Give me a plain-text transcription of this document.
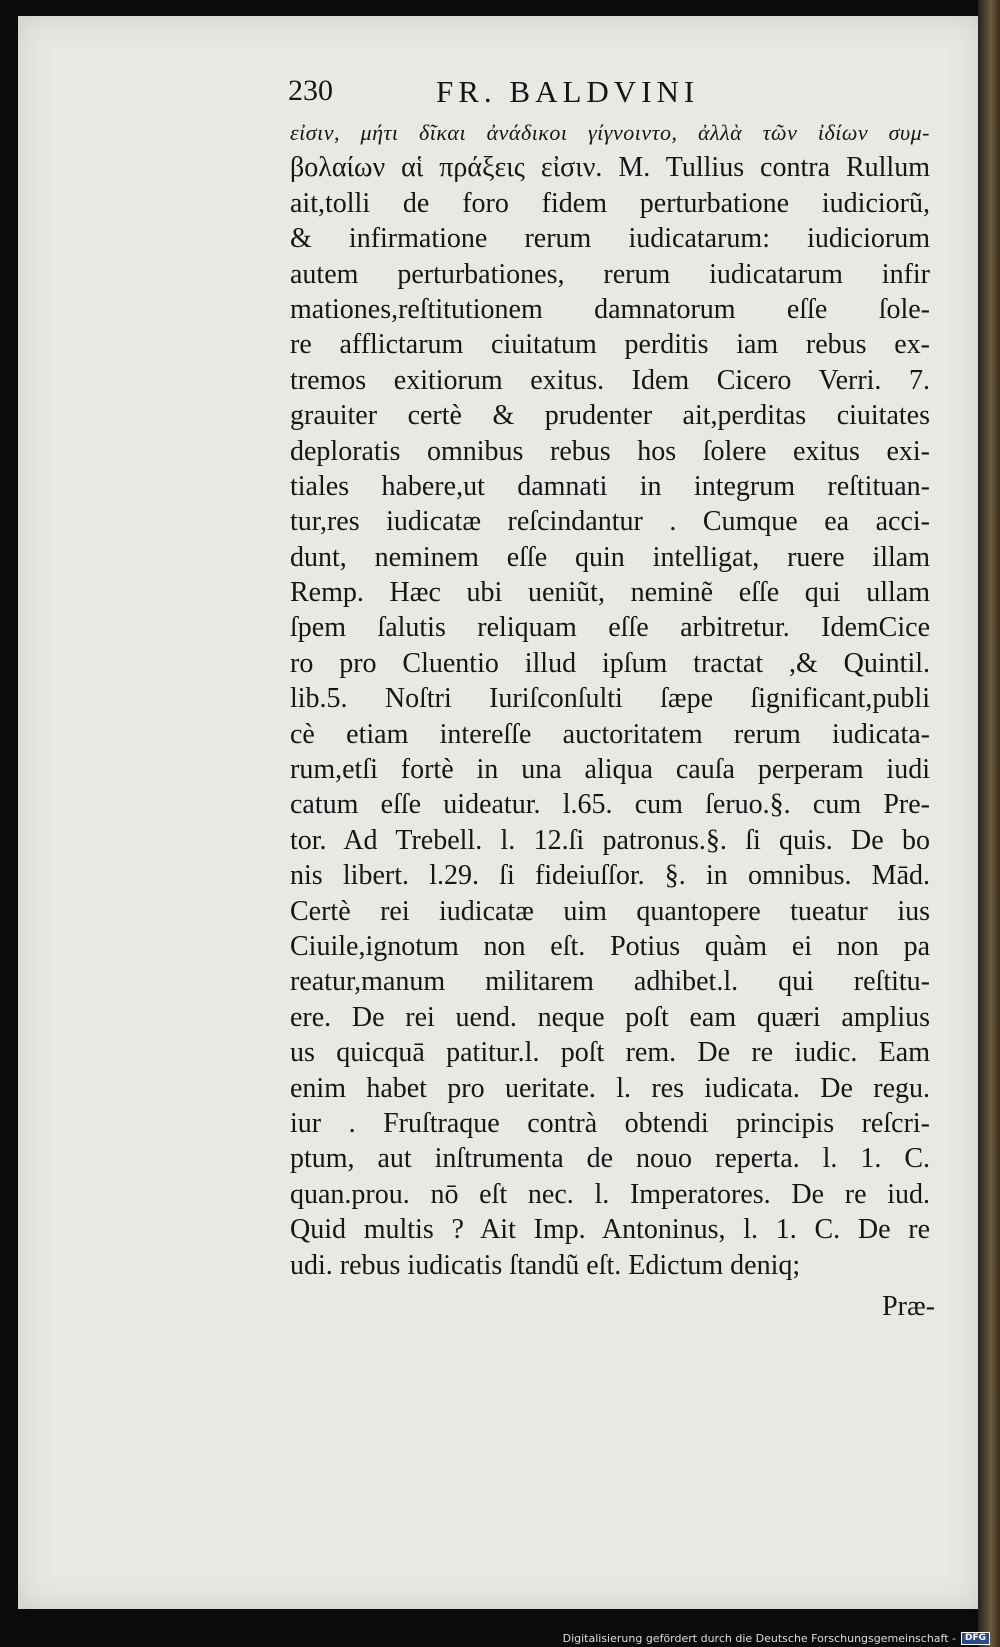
230	FR. BALDVINI
εἰσιν, μήτι δῖκαι ἀνάδικοι γίγνοιντο, ἀλλὰ τῶν ἰδίων συμ-
βολαίων αἱ πράξεις εἰσιν. M. Tullius contra Rullum
ait,tolli de foro fidem perturbatione iudiciorũ,
& infirmatione rerum iudicatarum: iudiciorum
autem perturbationes, rerum iudicatarum infir
mationes,reſtitutionem damnatorum eſſe ſole-
re afflictarum ciuitatum perditis iam rebus ex-
tremos exitiorum exitus. Idem Cicero Verri. 7.
grauiter certè & prudenter ait,perditas ciuitates
deploratis omnibus rebus hos ſolere exitus exi-
tiales habere,ut damnati in integrum reſtituan-
tur,res iudicatæ reſcindantur . Cumque ea acci-
dunt, neminem eſſe quin intelligat, ruere illam
Remp. Hæc ubi ueniũt, neminẽ eſſe qui ullam
ſpem ſalutis reliquam eſſe arbitretur. IdemCice
ro pro Cluentio illud ipſum tractat ,& Quintil.
lib.5. Noſtri Iuriſconſulti ſæpe ſignificant,publi
cè etiam intereſſe auctoritatem rerum iudicata-
rum,etſi fortè in una aliqua cauſa perperam iudi
catum eſſe uideatur. l.65. cum ſeruo.§. cum Pre-
tor. Ad Trebell. l. 12.ſi patronus.§. ſi quis. De bo
nis libert. l.29. ſi fideiuſſor. §. in omnibus. Mād.
Certè rei iudicatæ uim quantopere tueatur ius
Ciuile,ignotum non eſt. Potius quàm ei non pa
reatur,manum militarem adhibet.l. qui reſtitu-
ere. De rei uend. neque poſt eam quæri amplius
us quicquā patitur.l. poſt rem. De re iudic. Eam
enim habet pro ueritate. l. res iudicata. De regu.
iur . Fruſtraque contrà obtendi principis reſcri-
ptum, aut inſtrumenta de nouo reperta. l. 1. C.
quan.prou. nō eſt nec. l. Imperatores. De re iud.
Quid multis ? Ait Imp. Antoninus, l. 1. C. De re
udi. rebus iudicatis ſtandũ eſt. Edictum deniq;
Præ-
Digitalisierung gefördert durch die Deutsche Forschungsgemeinschaft -	DFG
